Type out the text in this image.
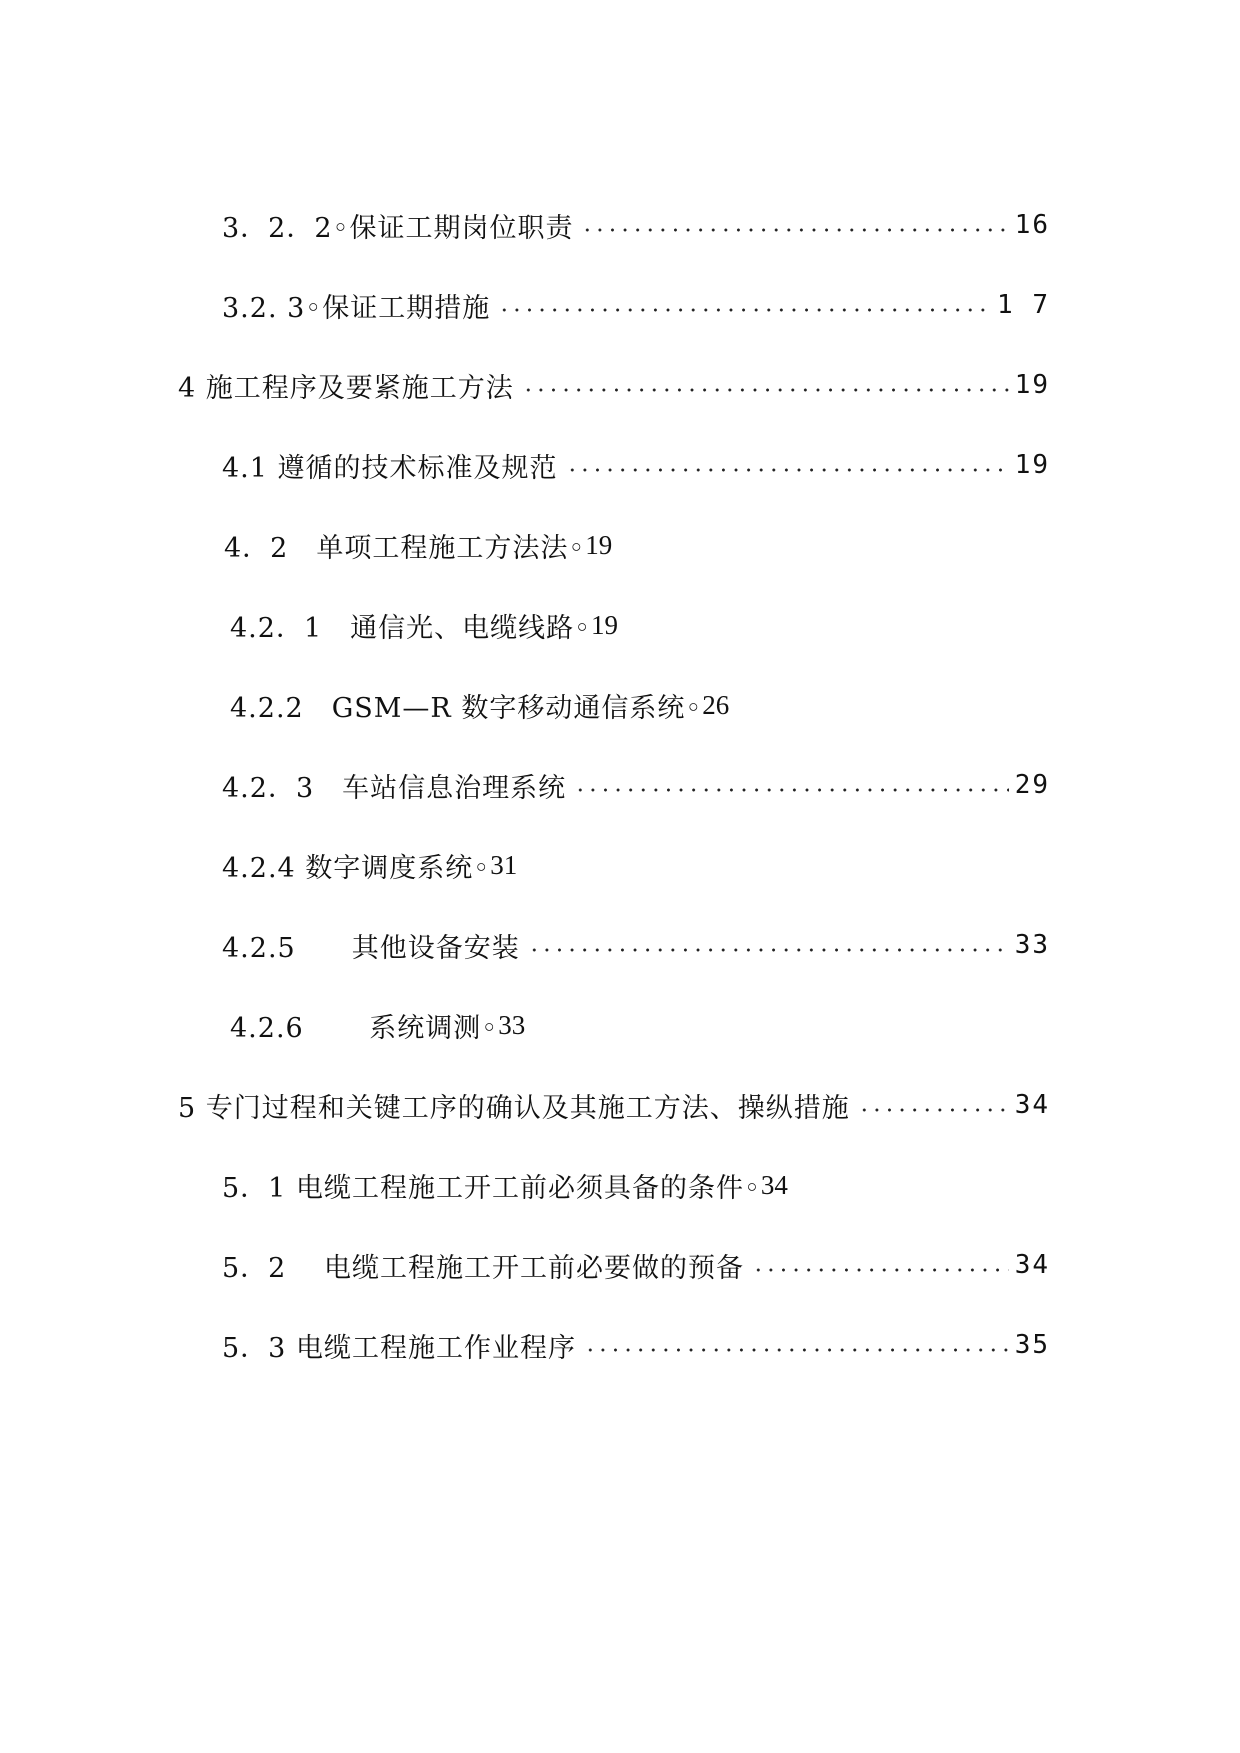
3．2．2◦保证工期岗位职责	16
3.2. 3◦保证工期措施	1 7
4 施工程序及要紧施工方法	19
4.1 遵循的技术标准及规范	19
4．2　单项工程施工方法法◦ 19
4.2．1　通信光、电缆线路◦ 19
4.2.2　GSM—R 数字移动通信系统◦ 26
4.2．3　车站信息治理系统	29
4.2.4 数字调度系统◦ 31
4.2.5　　其他设备安装	33
4.2.6　　 系统调测◦ 33
5 专门过程和关键工序的确认及其施工方法、操纵措施	34
5．1 电缆工程施工开工前必须具备的条件◦ 34
5．2　 电缆工程施工开工前必要做的预备	34
5．3 电缆工程施工作业程序	35
